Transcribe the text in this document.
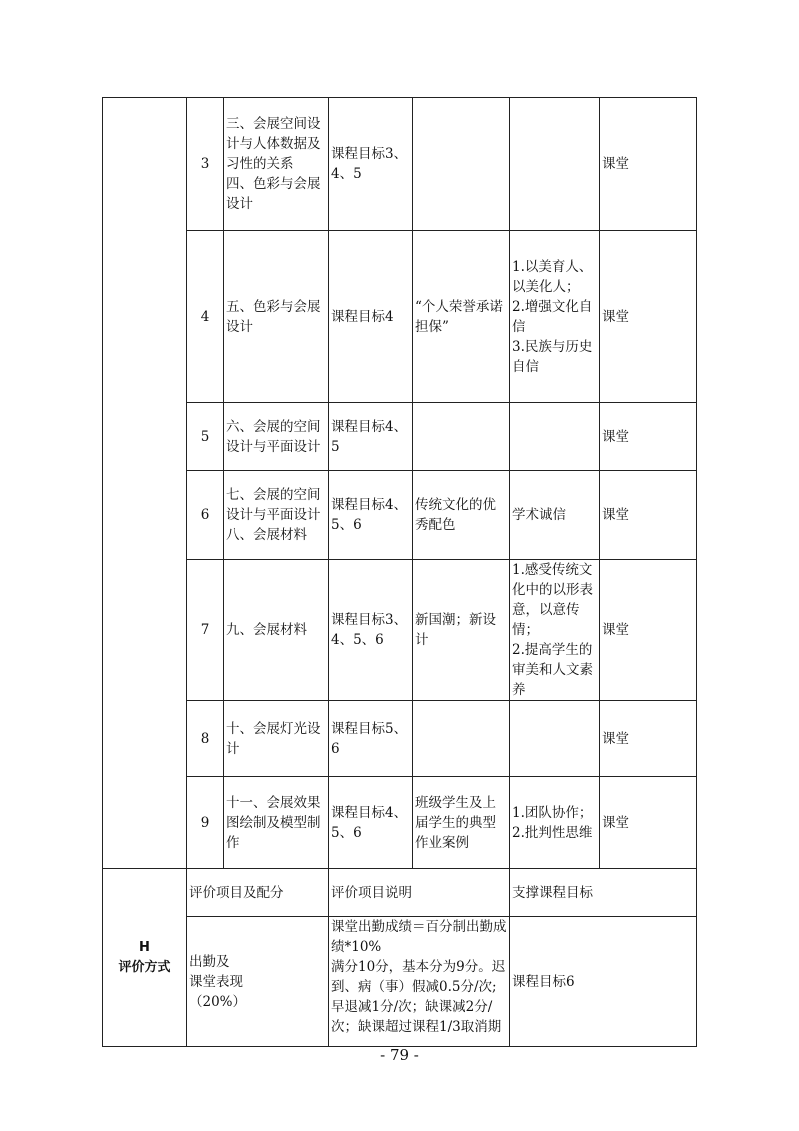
	3	三、会展空间设计与人体数据及习性的关系
四、色彩与会展设计	课程目标3、4、5			课堂
	4	五、色彩与会展设计	课程目标4	“个人荣誉承诺担保”	1.以美育人、以美化人；
2.增强文化自信
3.民族与历史自信	课堂
	5	六、会展的空间设计与平面设计	课程目标4、5			课堂
	6	七、会展的空间设计与平面设计
八、会展材料	课程目标4、5、6	传统文化的优秀配色	学术诚信	课堂
	7	九、会展材料	课程目标3、4、5、6	新国潮；新设计	1.感受传统文化中的以形表意，以意传情；
2.提高学生的审美和人文素养	课堂
	8	十、会展灯光设计	课程目标5、6			课堂
	9	十一、会展效果图绘制及模型制作	课程目标4、5、6	班级学生及上届学生的典型作业案例	1.团队协作；
2.批判性思维	课堂

H
评价方式	评价项目及配分		评价项目说明		支撑课程目标	
	出勤及
课堂表现
（20%）		课堂出勤成绩＝百分制出勤成绩*10%
满分10分，基本分为9分。迟到、病（事）假减0.5分/次;早退减1分/次；缺课减2分/次；缺课超过课程1/3取消期		课程目标6	
- 79 -
